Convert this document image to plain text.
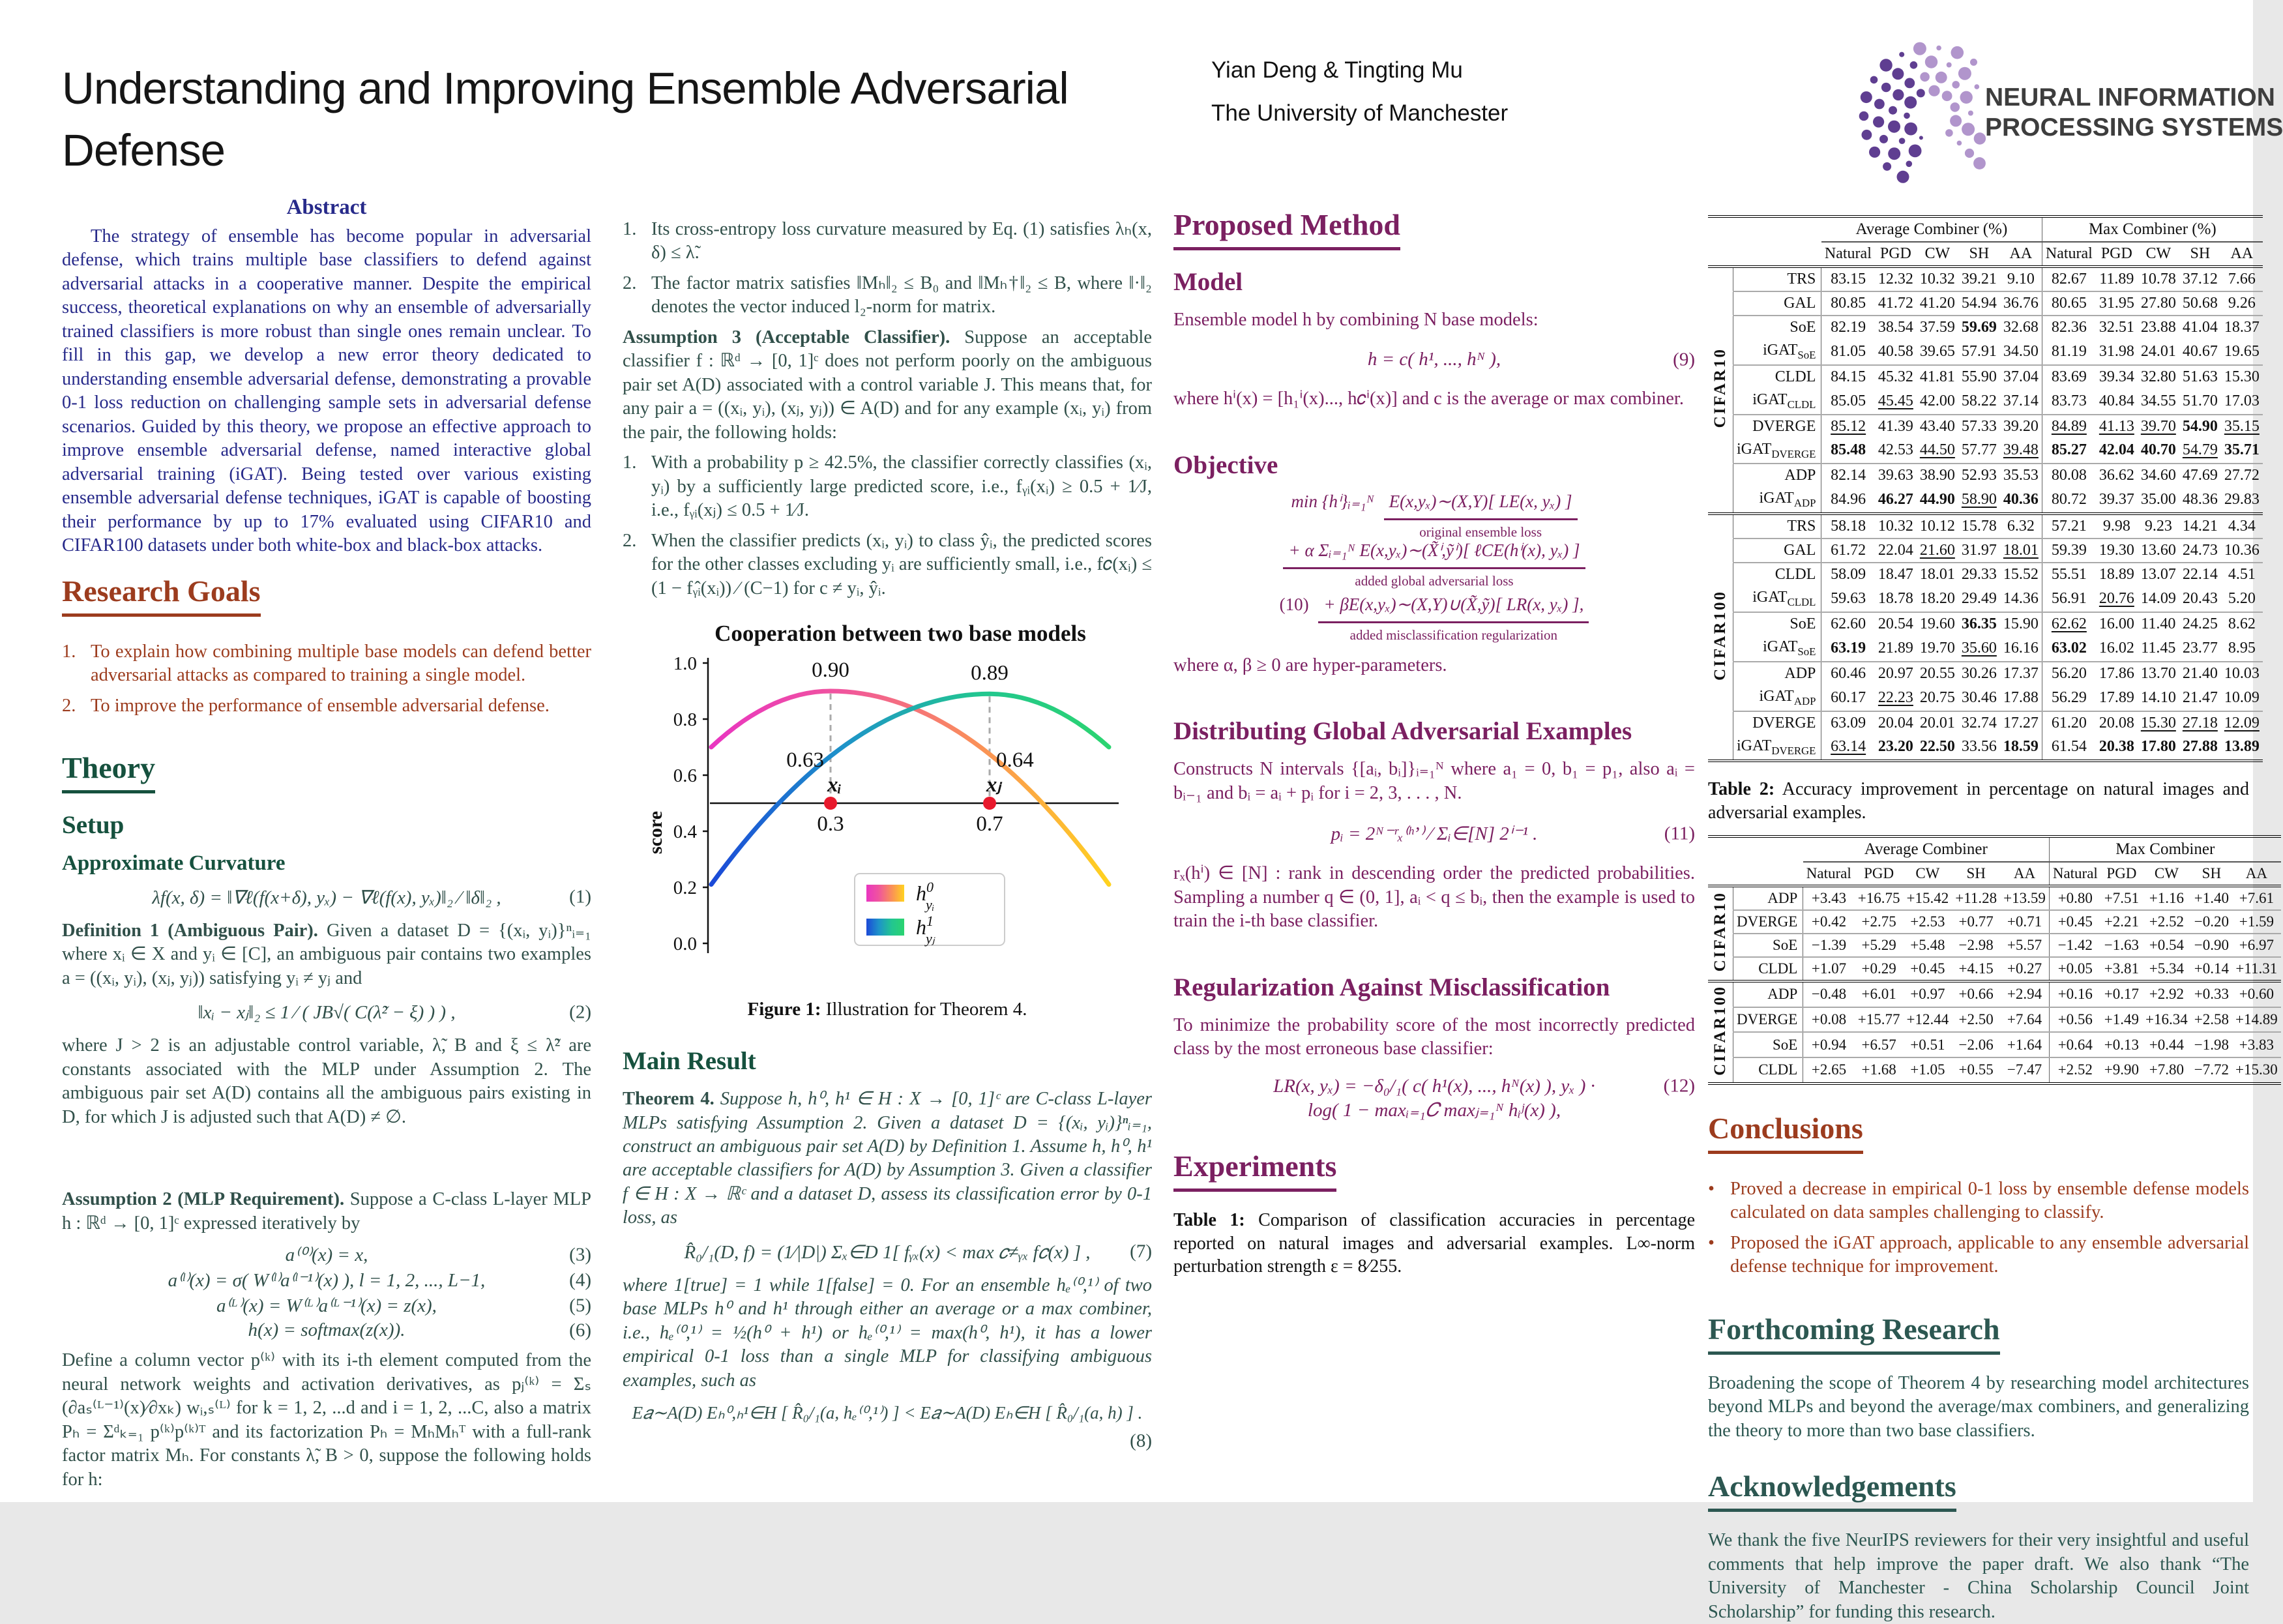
Understanding and Improving Ensemble Adversarial Defense
Yian Deng & Tingting Mu
The University of Manchester
NEURAL INFORMATION
PROCESSING SYSTEMS
Abstract
The strategy of ensemble has become popular in adversarial defense, which trains multiple base classifiers to defend against adversarial attacks in a cooperative manner. Despite the empirical success, theoretical explanations on why an ensemble of adversarially trained classifiers is more robust than single ones remain unclear. To fill in this gap, we develop a new error theory dedicated to understanding ensemble adversarial defense, demonstrating a provable 0-1 loss reduction on challenging sample sets in adversarial defense scenarios. Guided by this theory, we propose an effective approach to improve ensemble adversarial defense, named interactive global adversarial training (iGAT). Being tested over various existing ensemble adversarial defense techniques, iGAT is capable of boosting their performance by up to 17% evaluated using CIFAR10 and CIFAR100 datasets under both white-box and black-box attacks.
Research Goals
1. To explain how combining multiple base models can defend better adversarial attacks as compared to training a single model.
2. To improve the performance of ensemble adversarial defense.
Theory
Setup
Approximate Curvature
λf(x, δ) = ‖∇ℓ(f(x+δ), yₓ) − ∇ℓ(f(x), yₓ)‖₂ ∕ ‖δ‖₂ ,	(1)
Definition 1 (Ambiguous Pair). Given a dataset D = {(xᵢ, yᵢ)}ⁿᵢ₌₁ where xᵢ ∈ X and yᵢ ∈ [C], an ambiguous pair contains two examples a = ((xᵢ, yᵢ), (xⱼ, yⱼ)) satisfying yᵢ ≠ yⱼ and
‖xᵢ − xⱼ‖₂ ≤ 1 ∕ ( JB√( C(λ̃² − ξ) ) ) ,	(2)
where J > 2 is an adjustable control variable, λ̃, B and ξ ≤ λ̃² are constants associated with the MLP under Assumption 2. The ambiguous pair set A(D) contains all the ambiguous pairs existing in D, for which J is adjusted such that A(D) ≠ ∅.
Assumption 2 (MLP Requirement). Suppose a C-class L-layer MLP h : ℝᵈ → [0, 1]ᶜ expressed iteratively by
a⁽⁰⁾(x) = x,	(3)
a⁽ˡ⁾(x) = σ( W⁽ˡ⁾a⁽ˡ⁻¹⁾(x) ), l = 1, 2, ..., L−1,	(4)
a⁽ᴸ⁾(x) = W⁽ᴸ⁾a⁽ᴸ⁻¹⁾(x) = z(x),	(5)
h(x) = softmax(z(x)).	(6)
Define a column vector p⁽ᵏ⁾ with its i-th element computed from the neural network weights and activation derivatives, as pⱼ⁽ᵏ⁾ = Σₛ (∂aₛ⁽ᴸ⁻¹⁾(x)∕∂xₖ) wᵢ,ₛ⁽ᴸ⁾ for k = 1, 2, ...d and i = 1, 2, ...C, also a matrix Pₕ = Σᵈₖ₌₁ p⁽ᵏ⁾p⁽ᵏ⁾ᵀ and its factorization Pₕ = MₕMₕᵀ with a full-rank factor matrix Mₕ. For constants λ̃, B > 0, suppose the following holds for h:
1. Its cross-entropy loss curvature measured by Eq. (1) satisfies λₕ(x, δ) ≤ λ̃.
2. The factor matrix satisfies ‖Mₕ‖₂ ≤ B₀ and ‖Mₕ†‖₂ ≤ B, where ‖·‖₂ denotes the vector induced l₂-norm for matrix.
Assumption 3 (Acceptable Classifier). Suppose an acceptable classifier f : ℝᵈ → [0, 1]ᶜ does not perform poorly on the ambiguous pair set A(D) associated with a control variable J. This means that, for any pair a = ((xᵢ, yᵢ), (xⱼ, yⱼ)) ∈ A(D) and for any example (xᵢ, yᵢ) from the pair, the following holds:
1. With a probability p ≥ 42.5%, the classifier correctly classifies (xᵢ, yᵢ) by a sufficiently large predicted score, i.e., fᵧᵢ(xᵢ) ≥ 0.5 + 1∕J, i.e., fᵧᵢ(xⱼ) ≤ 0.5 + 1∕J.
2. When the classifier predicts (xᵢ, yᵢ) to class ŷᵢ, the predicted scores for the other classes excluding yᵢ are sufficiently small, i.e., f𝑐(xᵢ) ≤ (1 − fᵧ̂ᵢ(xᵢ)) ∕ (C−1) for c ≠ yᵢ, ŷᵢ.
Cooperation between two base models
0.0
0.2
0.4
0.6
0.8
1.0
score
0.90	0.89
0.63
xᵢ
0.3
0.64
xⱼ
0.7
$h^0$ yᵢ
$h^1$ yⱼ
Figure 1: Illustration for Theorem 4.
Main Result
Theorem 4. Suppose h, h⁰, h¹ ∈ H : X → [0, 1]ᶜ are C-class L-layer MLPs satisfying Assumption 2. Given a dataset D = {(xᵢ, yᵢ)}ⁿᵢ₌₁, construct an ambiguous pair set A(D) by Definition 1. Assume h, h⁰, h¹ are acceptable classifiers for A(D) by Assumption 3. Given a classifier f ∈ H : X → ℝᶜ and a dataset D, assess its classification error by 0-1 loss, as
R̂₀/₁(D, f) = (1∕|D|) Σₓ∈D 1[ fᵧₓ(x) < max 𝑐≠ᵧₓ f𝑐(x) ] , (7)
where 1[true] = 1 while 1[false] = 0. For an ensemble hₑ⁽⁰,¹⁾ of two base MLPs h⁰ and h¹ through either an average or a max combiner, i.e., hₑ⁽⁰,¹⁾ = ½(h⁰ + h¹) or hₑ⁽⁰,¹⁾ = max(h⁰, h¹), it has a lower empirical 0-1 loss than a single MLP for classifying ambiguous examples, such as
E𝑎∼A(D) Eₕ⁰,ₕ¹∈H [ R̂₀/₁(a, hₑ⁽⁰,¹⁾) ] < E𝑎∼A(D) Eₕ∈H [ R̂₀/₁(a, h) ] .
(8)
Proposed Method
Model
Ensemble model h by combining N base models:
h = c( h¹, ..., hᴺ ),	(9)
where hⁱ(x) = [h₁ⁱ(x)..., h𝑐ⁱ(x)] and c is the average or max combiner.
Objective
min {hⁱ}ᵢ₌₁ᴺ E(x,yₓ)∼(X,Y)[ LE(x, yₓ) ]
original ensemble loss

+ α Σᵢ₌₁ᴺ E(x,yₓ)∼(X̃ⁱ,ỹⁱ)[ ℓCE(hⁱ(x), yₓ) ]
added global adversarial loss
(10) + βE(x,yₓ)∼(X,Y)∪(X̃,ỹ)[ LR(x, yₓ) ],
added misclassification regularization
where α, β ≥ 0 are hyper-parameters.
Distributing Global Adversarial Examples
Constructs N intervals {[aᵢ, bᵢ]}ᵢ₌₁ᴺ where a₁ = 0, b₁ = p₁, also aᵢ = bᵢ₋₁ and bᵢ = aᵢ + pᵢ for i = 2, 3, . . . , N.
pᵢ = 2ᴺ⁻ʳₓ⁽ʰ’⁾ ∕ Σᵢ∈[N] 2ⁱ⁻¹ .	(11)
rₓ(hⁱ) ∈ [N] : rank in descending order the predicted probabilities. Sampling a number q ∈ (0, 1], aᵢ < q ≤ bᵢ, then the example is used to train the i-th base classifier.
Regularization Against Misclassification
To minimize the probability score of the most incorrectly predicted class by the most erroneous base classifier:
LR(x, yₓ) = −δ₀/₁( c( h¹(x), ..., hᴺ(x) ), yₓ ) ·	(12)
log( 1 − maxᵢ₌₁𝐶 maxⱼ₌₁ᴺ hᵢʲ(x) ),
Experiments
Table 1: Comparison of classification accuracies in percentage reported on natural images and adversarial examples. L∞-norm perturbation strength ε = 8∕255.
		Average Combiner (%)					Max Combiner (%)				
		Natural	PGD	CW	SH	AA	Natural	PGD	CW	SH	AA
CIFAR10	TRS	83.15	12.32	10.32	39.21	9.10	82.67	11.89	10.78	37.12	7.66
	GAL	80.85	41.72	41.20	54.94	36.76	80.65	31.95	27.80	50.68	9.26
	SoE	82.19	38.54	37.59	59.69	32.68	82.36	32.51	23.88	41.04	18.37
	iGAT$_{SoE}$	81.05	40.58	39.65	57.91	34.50	81.19	31.98	24.01	40.67	19.65
	CLDL	84.15	45.32	41.81	55.90	37.04	83.69	39.34	32.80	51.63	15.30
	iGAT$_{CLDL}$	85.05	45.45	42.00	58.22	37.14	83.73	40.84	34.55	51.70	17.03
	DVERGE	85.12	41.39	43.40	57.33	39.20	84.89	41.13	39.70	54.90	35.15
	iGAT$_{DVERGE}$	85.48	42.53	44.50	57.77	39.48	85.27	42.04	40.70	54.79	35.71
	ADP	82.14	39.63	38.90	52.93	35.53	80.08	36.62	34.60	47.69	27.72
	iGAT$_{ADP}$	84.96	46.27	44.90	58.90	40.36	80.72	39.37	35.00	48.36	29.83
CIFAR100	TRS	58.18	10.32	10.12	15.78	6.32	57.21	9.98	9.23	14.21	4.34
	GAL	61.72	22.04	21.60	31.97	18.01	59.39	19.30	13.60	24.73	10.36
	CLDL	58.09	18.47	18.01	29.33	15.52	55.51	18.89	13.07	22.14	4.51
	iGAT$_{CLDL}$	59.63	18.78	18.20	29.49	14.36	56.91	20.76	14.09	20.43	5.20
	SoE	62.60	20.54	19.60	36.35	15.90	62.62	16.00	11.40	24.25	8.62
	iGAT$_{SoE}$	63.19	21.89	19.70	35.60	16.16	63.02	16.02	11.45	23.77	8.95
	ADP	60.46	20.97	20.55	30.26	17.37	56.20	17.86	13.70	21.40	10.03
	iGAT$_{ADP}$	60.17	22.23	20.75	30.46	17.88	56.29	17.89	14.10	21.47	10.09
	DVERGE	63.09	20.04	20.01	32.74	17.27	61.20	20.08	15.30	27.18	12.09
	iGAT$_{DVERGE}$	63.14	23.20	22.50	33.56	18.59	61.54	20.38	17.80	27.88	13.89
Table 2: Accuracy improvement in percentage on natural images and adversarial examples.
		Average Combiner					Max Combiner				
		Natural	PGD	CW	SH	AA	Natural	PGD	CW	SH	AA
CIFAR10	ADP	+3.43	+16.75	+15.42	+11.28	+13.59	+0.80	+7.51	+1.16	+1.40	+7.61
	DVERGE	+0.42	+2.75	+2.53	+0.77	+0.71	+0.45	+2.21	+2.52	−0.20	+1.59
	SoE	−1.39	+5.29	+5.48	−2.98	+5.57	−1.42	−1.63	+0.54	−0.90	+6.97
	CLDL	+1.07	+0.29	+0.45	+4.15	+0.27	+0.05	+3.81	+5.34	+0.14	+11.31
CIFAR100	ADP	−0.48	+6.01	+0.97	+0.66	+2.94	+0.16	+0.17	+2.92	+0.33	+0.60
	DVERGE	+0.08	+15.77	+12.44	+2.50	+7.64	+0.56	+1.49	+16.34	+2.58	+14.89
	SoE	+0.94	+6.57	+0.51	−2.06	+1.64	+0.64	+0.13	+0.44	−1.98	+3.83
	CLDL	+2.65	+1.68	+1.05	+0.55	−7.47	+2.52	+9.90	+7.80	−7.72	+15.30
Conclusions
• Proved a decrease in empirical 0-1 loss by ensemble defense models calculated on data samples challenging to classify.
• Proposed the iGAT approach, applicable to any ensemble adversarial defense technique for improvement.
Forthcoming Research
Broadening the scope of Theorem 4 by researching model architectures beyond MLPs and beyond the average/max combiners, and generalizing the theory to more than two base classifiers.
Acknowledgements
We thank the five NeurIPS reviewers for their very insightful and useful comments that help improve the paper draft. We also thank “The University of Manchester - China Scholarship Council Joint Scholarship” for funding this research.
